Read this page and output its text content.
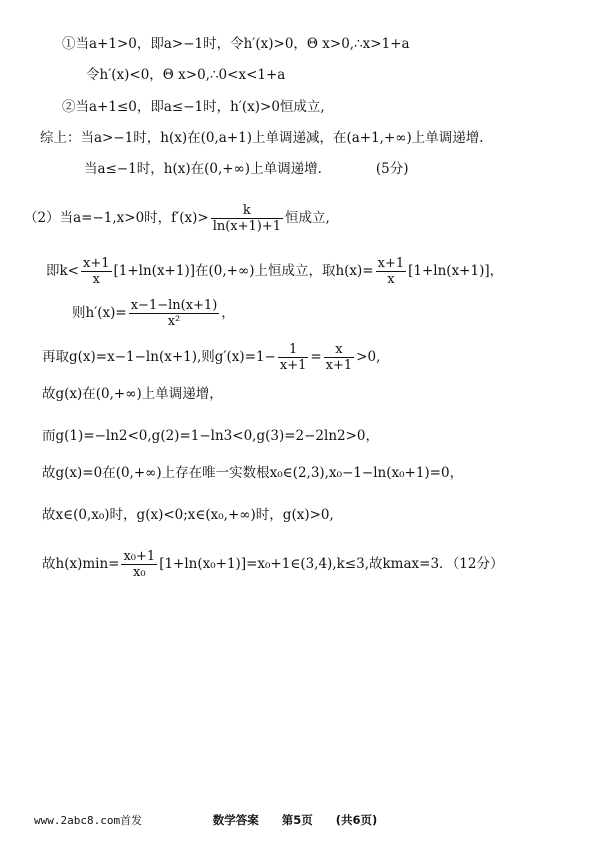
①当a+1>0，即a>−1时，令h′(x)>0，Θ x>0,∴x>1+a
令h′(x)<0，Θ x>0,∴0<x<1+a
②当a+1≤0，即a≤−1时，h′(x)>0恒成立,
综上：当a>−1时，h(x)在(0,a+1)上单调递减，在(a+1,+∞)上单调递增.
当a≤−1时，h(x)在(0,+∞)上单调递增.　　　　(5分)
（2）当a=−1,x>0时，$f'(x)> \frac{k}{\ln(x+1)+1}$ 恒成立,
即$k< \frac{x+1}{x} [1+\ln(x+1)]$在(0,+∞)上恒成立，取$h(x)= \frac{x+1}{x} [1+\ln(x+1)]$，
则$h'(x)= \frac{x-1-\ln(x+1)}{\text{x²}}$ ，
再取g(x)=x−1−ln(x+1),则$g'(x)=1- \frac{1}{x+1} = \frac{x}{x+1} >0$,
故g(x)在(0,+∞)上单调递增，
而g(1)=−ln2<0,g(2)=1−ln3<0,g(3)=2−2ln2>0，
故g(x)=0在(0,+∞)上存在唯一实数根x₀∈(2,3),x₀−1−ln(x₀+1)=0，
故x∈(0,x₀)时，g(x)<0;x∈(x₀,+∞)时，g(x)>0,
故$h(x)\min= \frac{\text{x₀+1}}{\text{x₀}}$ [1+ln(x₀+1)]=x₀+1∈(3,4),k≤3,故kmax=3．（12分）
www.2abc8.com首发	数学答案　　第5页　　(共6页)
